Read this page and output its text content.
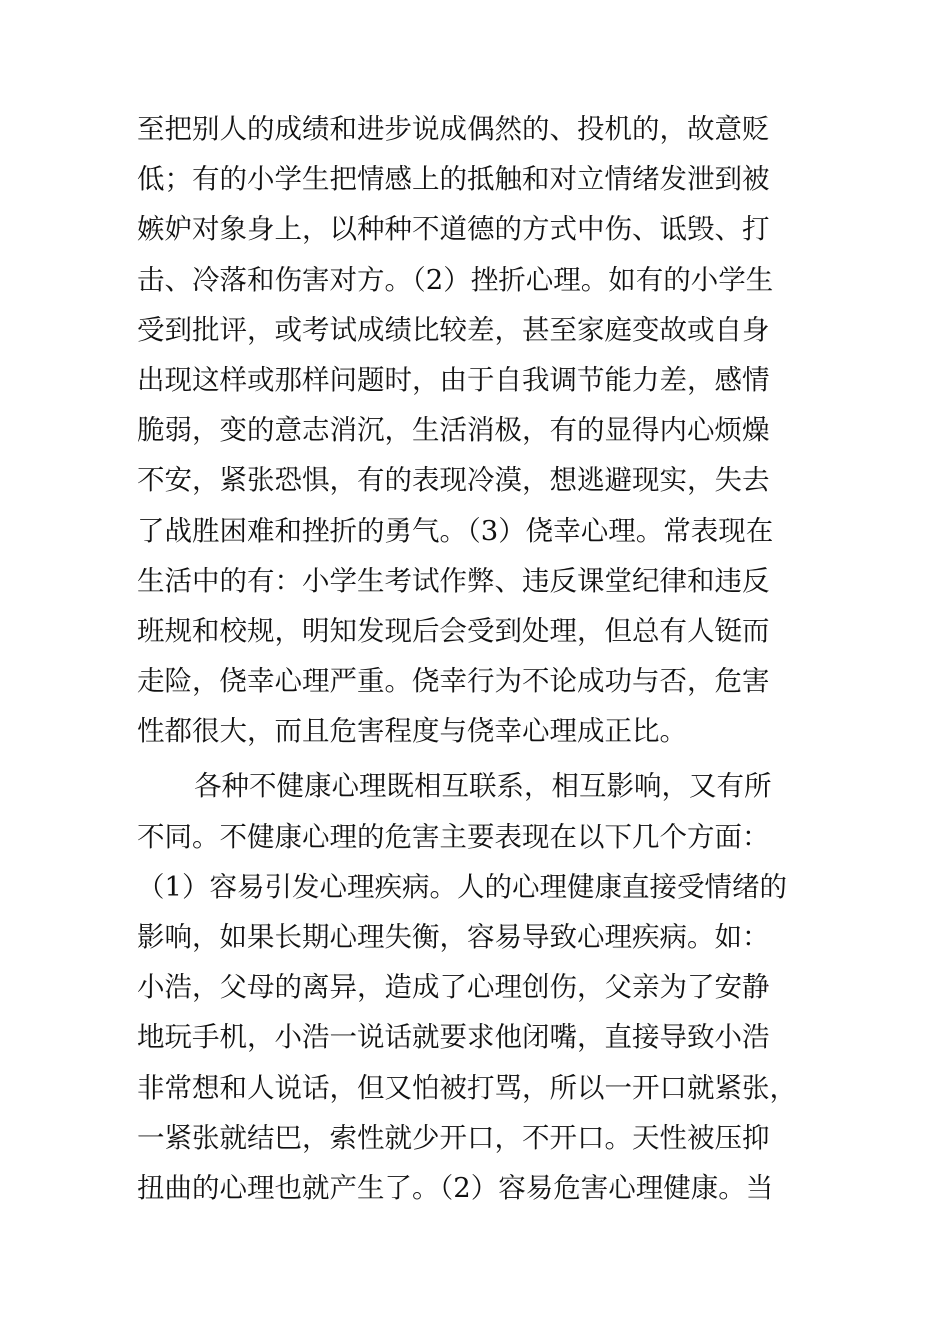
至把别人的成绩和进步说成偶然的、投机的，故意贬
低；有的小学生把情感上的抵触和对立情绪发泄到被
嫉妒对象身上，以种种不道德的方式中伤、诋毁、打
击、冷落和伤害对方。（2）挫折心理。如有的小学生
受到批评，或考试成绩比较差，甚至家庭变故或自身
出现这样或那样问题时，由于自我调节能力差，感情
脆弱，变的意志消沉，生活消极，有的显得内心烦燥
不安，紧张恐惧，有的表现冷漠，想逃避现实，失去
了战胜困难和挫折的勇气。（3）侥幸心理。常表现在
生活中的有：小学生考试作弊、违反课堂纪律和违反
班规和校规，明知发现后会受到处理，但总有人铤而
走险，侥幸心理严重。侥幸行为不论成功与否，危害
性都很大，而且危害程度与侥幸心理成正比。
各种不健康心理既相互联系，相互影响，又有所
不同。不健康心理的危害主要表现在以下几个方面：
（1）容易引发心理疾病。人的心理健康直接受情绪的
影响，如果长期心理失衡，容易导致心理疾病。如：
小浩，父母的离异，造成了心理创伤，父亲为了安静
地玩手机，小浩一说话就要求他闭嘴，直接导致小浩
非常想和人说话，但又怕被打骂，所以一开口就紧张，
一紧张就结巴，索性就少开口，不开口。天性被压抑
扭曲的心理也就产生了。（2）容易危害心理健康。当
